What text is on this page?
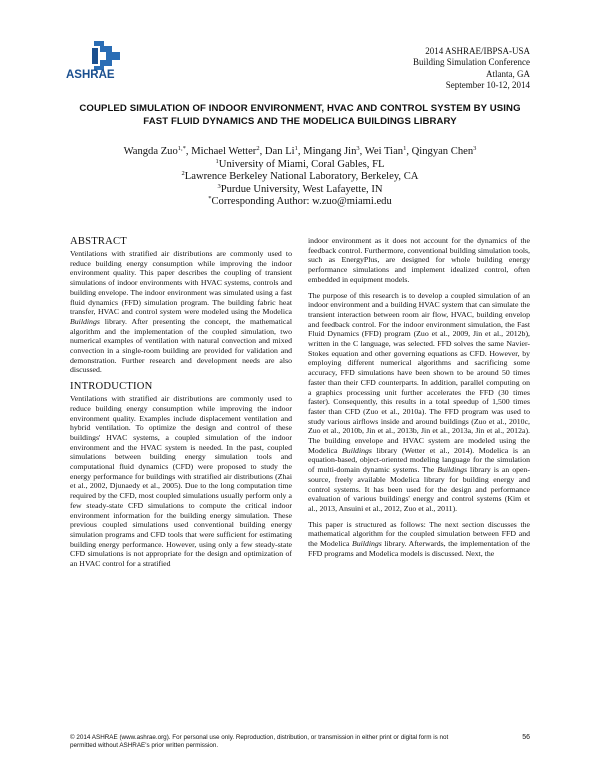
ASHRAE
2014 ASHRAE/IBPSA-USA
Building Simulation Conference
Atlanta, GA
September 10-12, 2014
COUPLED SIMULATION OF INDOOR ENVIRONMENT, HVAC AND CONTROL SYSTEM BY USING FAST FLUID DYNAMICS AND THE MODELICA BUILDINGS LIBRARY
Wangda Zuo$^{1,*}$, Michael Wetter$^2$, Dan Li$^1$, Mingang Jin$^3$, Wei Tian$^1$, Qingyan Chen$^3$
$^1$University of Miami, Coral Gables, FL
$^2$Lawrence Berkeley National Laboratory, Berkeley, CA
$^3$Purdue University, West Lafayette, IN
*Corresponding Author: w.zuo@miami.edu
ABSTRACT

Ventilations with stratified air distributions are commonly used to reduce building energy consumption while improving the indoor environment quality. This paper describes the coupling of transient simulations of indoor environments with HVAC systems, controls and building envelope. The indoor environment was simulated using a fast fluid dynamics (FFD) simulation program. The building fabric heat transfer, HVAC and control system were modeled using the Modelica Buildings library. After presenting the concept, the mathematical algorithm and the implementation of the coupled simulation, two numerical examples of ventilation with natural convection and mixed convection in a single-room building are provided for validation and demonstration. Further research and development needs are also discussed.

INTRODUCTION

Ventilations with stratified air distributions are commonly used to reduce building energy consumption while improving the indoor environment quality. Examples include displacement ventilation and hybrid ventilation. To optimize the design and control of these buildings' HVAC systems, a coupled simulation of the indoor environment and the HVAC system is needed. In the past, coupled simulations between building energy simulation tools and computational fluid dynamics (CFD) were proposed to study the energy performance for buildings with stratified air distributions (Zhai et al., 2002, Djunaedy et al., 2005). Due to the long computation time required by the CFD, most coupled simulations usually perform only a few steady-state CFD simulations to compute the critical indoor environment information for the building energy simulation. These previous coupled simulations used conventional building energy simulation programs and CFD tools that were sufficient for estimating building energy performance. However, using only a few steady-state CFD simulations is not appropriate for the design and optimization of an HVAC control for a stratified

indoor environment as it does not account for the dynamics of the feedback control. Furthermore, conventional building simulation tools, such as EnergyPlus, are designed for whole building energy performance simulations and implement idealized control, often embedded in equipment models.

The purpose of this research is to develop a coupled simulation of an indoor environment and a building HVAC system that can simulate the transient interaction between room air flow, HVAC, building envelop and feedback control. For the indoor environment simulation, the Fast Fluid Dynamics (FFD) program (Zuo et al., 2009, Jin et al., 2012b), written in the C language, was selected. FFD solves the same Navier-Stokes equation and other governing equations as CFD. However, by employing different numerical algorithms and sacrificing some accuracy, FFD simulations have been shown to be around 50 times faster than their CFD counterparts. In addition, parallel computing on a graphics processing unit further accelerates the FFD (30 times faster). Consequently, this results in a total speedup of 1,500 times faster than CFD (Zuo et al., 2010a). The FFD program was used to study various airflows inside and around buildings (Zuo et al., 2010c, Zuo et al., 2010b, Jin et al., 2013b, Jin et al., 2013a, Jin et al., 2012a). The building envelope and HVAC system are modeled using the Modelica Buildings library (Wetter et al., 2014). Modelica is an equation-based, object-oriented modeling language for the simulation of multi-domain dynamic systems. The Buildings library is an open-source, freely available Modelica library for building energy and control systems. It has been used for the design and performance evaluation of various buildings' energy and control systems (Kim et al., 2013, Ansuini et al., 2012, Zuo et al., 2011).

This paper is structured as follows: The next section discusses the mathematical algorithm for the coupled simulation between FFD and the Modelica Buildings library. Afterwards, the implementation of the FFD programs and Modelica models is discussed. Next, the

© 2014 ASHRAE (www.ashrae.org). For personal use only. Reproduction, distribution, or transmission in either print or digital form is not permitted without ASHRAE's prior written permission.
56
